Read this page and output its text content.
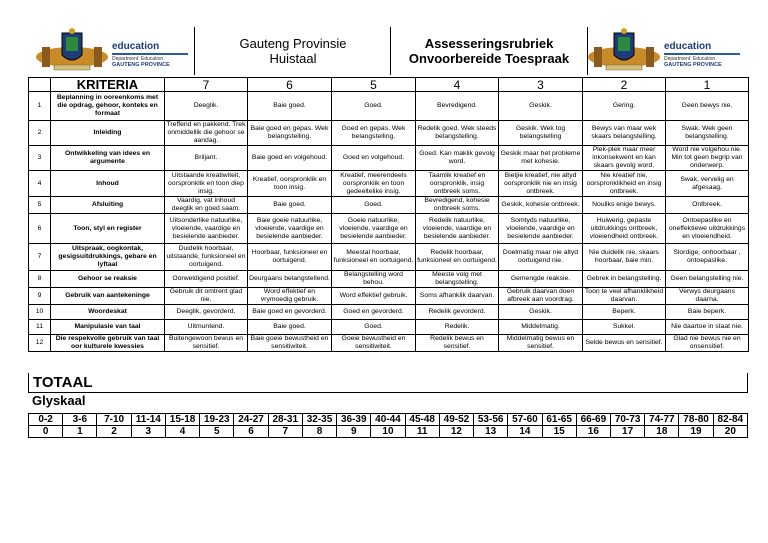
education
Department: Education
GAUTENG PROVINCE
Gauteng Provinsie
Huistaal
Assesseringsrubriek
Onvoorbereide Toespraak
education
Department: Education
GAUTENG PROVINCE
	KRITERIA	7	6	5	4	3	2	1
1	Beplanning in ooreenkoms met die opdrag, gehoor, konteks en formaat	Deeglik.	Baie goed.	Goed.	Bevredigend.	Geskik.	Gering.	Geen bewys nie.
2	Inleiding	Treffend en pakkend. Trek onmiddellik die gehoor se aandag.	Baie goed en gepas. Wek belangstelling.	Goed en gepas. Wek belangstelling.	Redelik goed. Wek steeds belangstelling.	Geskik. Wek tog belangstelling	Bewys van maar wek skaars belangstelling.	Swak. Wek geen belangstelling.
3	Ontwikkeling van idees en argumente	Briljant.	Baie goed en volgehoud.	Goed en volgehoud.	Goed. Kan maklik gevolg word.	Geskik maar het probleme met kohesie.	Plek-plek maar meer inkonsekwent en kan skaars gevolg word.	Word nie volgehou nie. Min tot geen begrip van onderwerp.
4	Inhoud	Uitstaande kreatiwiteit, oorspronklik en toon diep insig.	Kreatief, oorspronklik en toon insig.	Kreatief, meerendeels oorspronklik en toon gedeeltelike insig.	Taamlik kreatief en oorspronklik, insig ontbreek soms.	Bietjie kreatief, nie altyd oorspronklik nie en insig ontbreek.	Nie kreatief nie, oorspronklikheid en insig ontbreek.	Swak, vervelig en afgesaag.
5	Afsluiting	Vaardig, vat inhoud deeglik en goed saam.	Baie goed.	Goed.	Bevredigend, kohesie ontbreek soms.	Geskik, kohesie ontbreek.	Nouliks enige bewys.	Ontbreek.
6	Toon, styl en register	Uitsonderlike natuurlike, vloeiende, vaardige en besielende aanbieder.	Baie goeie natuurlike, vloeiende, vaardige en besielende aanbieder.	Goeie natuurlike, vloeiende, vaardige en besielende aanbieder.	Redelik natuurlike, vloeiende, vaardige en besielende aanbieder.	Somtyds natuurlike, vloeiende, vaardige en besielende aanbieder.	Huiwerig, gepaste uitdrukkings ontbreek, vloeiendheid ontbreek.	Ontoepaslike en oneffektiewe uitdrukkings en vloeiendheid.
7	Uitspraak, oogkontak, gesigsuitdrukkings, gebare en lyftaal	Duidelik hoorbaar, uitstaande, funksioneel en oortuigend.	Hoorbaar, funksioneel en oortuigend.	Meestal hoorbaar, funksioneel en oortuigend.	Redelik hoorbaar, funksioneel en oortuigend.	Doelmatig maar nie altyd oortuigend nie.	Nie duidelik nie, skaars hoorbaar, baie min.	Slordige, onhoorbaar , ontoepaslike.
8	Gehoor se reaksie	Oorweldigend positief.	Deurgaans belangstellend.	Belangstelling word behou.	Meeste volg met belangstelling.	Gemengde reaksie.	Gebrek in belangstelling.	Geen belangstelling nie.
9	Gebruik van aantekeninge	Gebruik dit omtrent glad nie.	Word effektief en vrymoedig gebruik.	Word effektief gebruik.	Soms afhanklik daarvan.	Gebruik daarvan doen afbreek aan voordrag.	Toon te veel afhanklikheid daarvan.	Verwys deurgaans daarna.
10	Woordeskat	Deeglik, gevorderd.	Baie goed en gevorderd.	Goed en gevorderd.	Redelik gevorderd.	Geskik.	Beperk.	Baie beperk.
11	Manipulasie van taal	Uitmuntend.	Baie goed.	Goed.	Redelik.	Middelmatig.	Sukkel.	Nie daartoe in staat nie.
12	Die respekvolle gebruik van taal oor kulturele kwessies	Buitengewoon bewus en sensitief.	Baie goeie bewustheid en sensitiwiteit.	Goeie bewustheid en sensitiwiteit.	Redelik bewus en sensitief.	Middelmatig bewus en sensitief.	Selde bewus en sensitief.	Glad nie bewus nie en onsensitief.
TOTAAL
Glyskaal
0-2	3-6	7-10	11-14	15-18	19-23	24-27	28-31	32-35	36-39	40-44	45-48	49-52	53-56	57-60	61-65	66-69	70-73	74-77	78-80	82-84
0	1	2	3	4	5	6	7	8	9	10	11	12	13	14	15	16	17	18	19	20
